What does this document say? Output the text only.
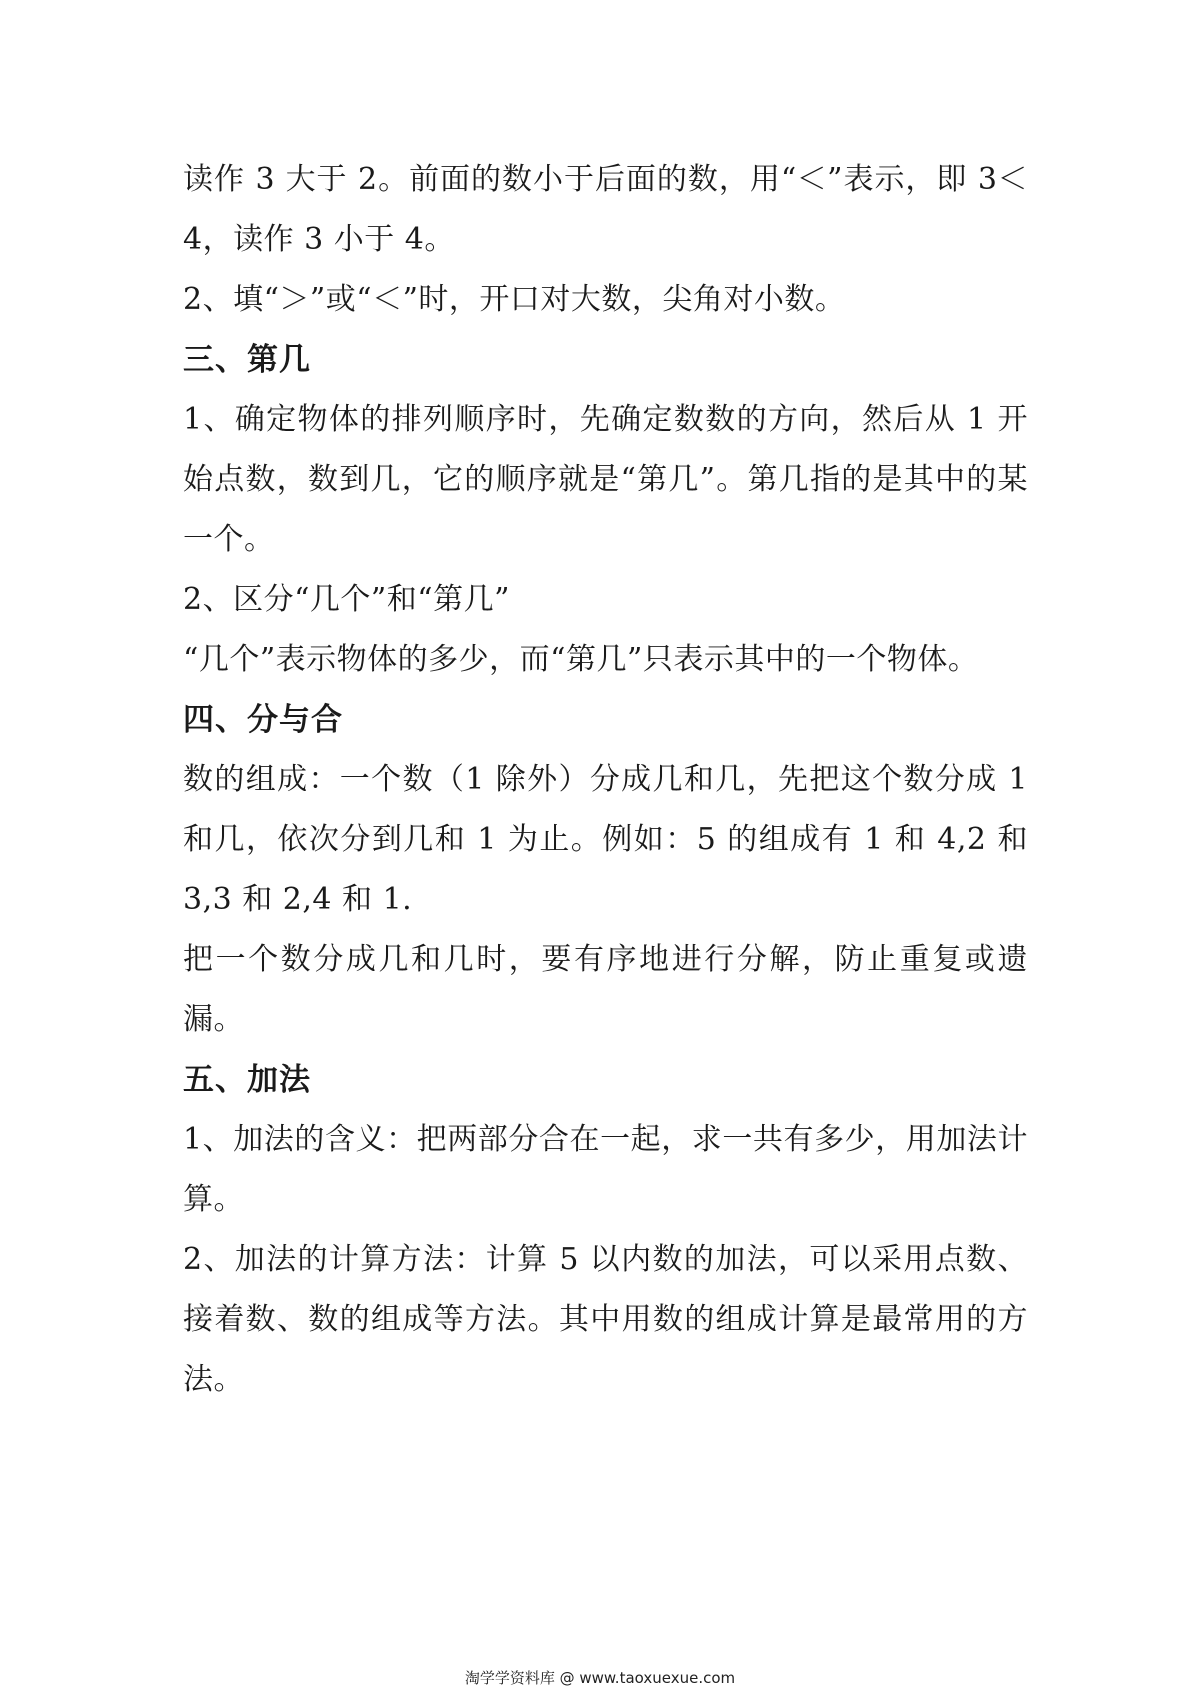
读作 3 大于 2。前面的数小于后面的数，用“＜”表示，即 3＜4，读作 3 小于 4。

2、填“＞”或“＜”时，开口对大数，尖角对小数。

三、第几

1、确定物体的排列顺序时，先确定数数的方向，然后从 1 开始点数，数到几，它的顺序就是“第几”。第几指的是其中的某一个。

2、区分“几个”和“第几”

“几个”表示物体的多少，而“第几”只表示其中的一个物体。

四、分与合

数的组成：一个数（1 除外）分成几和几，先把这个数分成 1 和几，依次分到几和 1 为止。例如：5 的组成有 1 和 4,2 和 3,3 和 2,4 和 1.

把一个数分成几和几时，要有序地进行分解，防止重复或遗漏。

五、加法

1、加法的含义：把两部分合在一起，求一共有多少，用加法计算。

2、加法的计算方法：计算 5 以内数的加法，可以采用点数、接着数、数的组成等方法。其中用数的组成计算是最常用的方法。

淘学学资料库 @ www.taoxuexue.com
